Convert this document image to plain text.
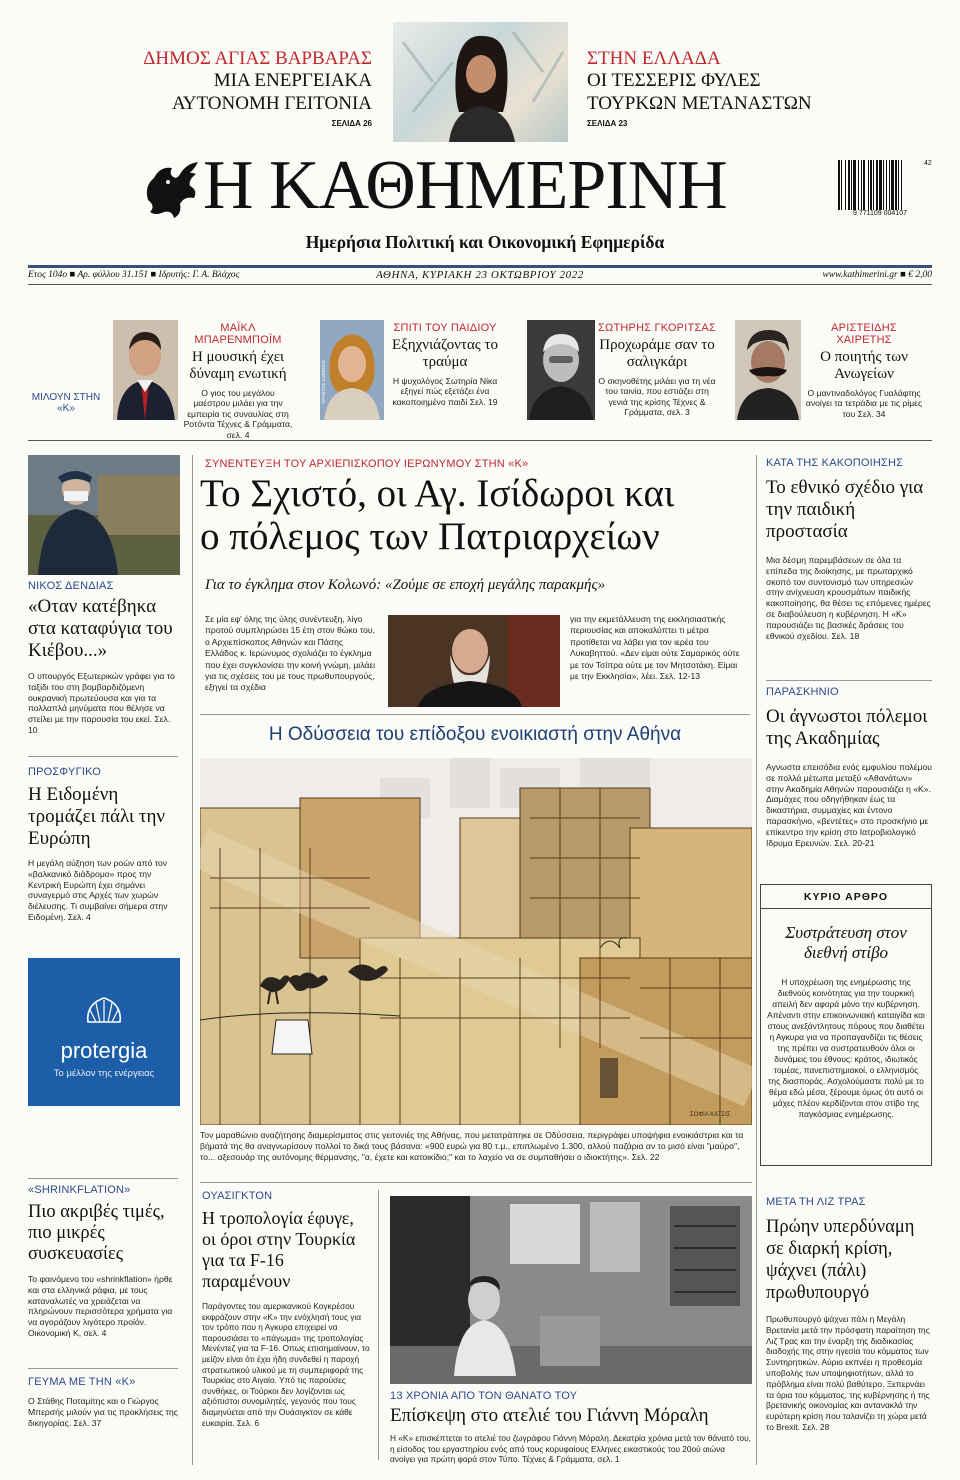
ΔΗΜΟΣ ΑΓΙΑΣ ΒΑΡΒΑΡΑΣ
ΜΙΑ ΕΝΕΡΓΕΙΑΚΑ
ΑΥΤΟΝΟΜΗ ΓΕΙΤΟΝΙΑ
ΣΕΛΙΔΑ 26
ΣΤΗΝ ΕΛΛΑΔΑ
ΟΙ ΤΕΣΣΕΡΙΣ ΦΥΛΕΣ
ΤΟΥΡΚΩΝ ΜΕΤΑΝΑΣΤΩΝ
ΣΕΛΙΔΑ 23
Η ΚΑΘΗΜΕΡΙΝΗ
Ημερήσια Πολιτική και Οικονομική Εφημερίδα
9 771109 004107
42
Ετος 104ο ■ Αρ. φύλλου 31.151 ■ Ιδρυτής: Γ. Α. Βλάχος	ΑΘΗΝΑ, ΚΥΡΙΑΚΗ 23 ΟΚΤΩΒΡΙΟΥ 2022	www.kathimerini.gr ■ € 2,00
ΜΙΛΟΥΝ ΣΤΗΝ «Κ»
ΜΑΪΚΛ ΜΠΑΡΕΝΜΠΟΪΜ
Η μουσική έχει δύναμη ενωτική
Ο γιος του μεγάλου μαέστρου μιλάει για την εμπειρία τις συναυλίας στη Ροτόντα Τέχνες & Γράμματα, σελ. 4
ΧΡΗΣΤΟΣ ΣΩΒΙΘΙΟΣ
ΣΠΙΤΙ ΤΟΥ ΠΑΙΔΙΟΥ
Εξηχνιάζοντας το τραύμα
Η ψυχολόγος Σωτηρία Νίκα εξηγεί πώς εξετάζει ένα κακοποιημένο παιδί Σελ. 19
ΣΩΤΗΡΗΣ ΓΚΟΡΙΤΣΑΣ
Προχωράμε σαν το σαλιγκάρι
Ο σκηνοθέτης μιλάει για τη νέα του ταινία, που εστιάζει στη γενιά της κρίσης Τέχνες & Γράμματα, σελ. 3
ΑΡΙΣΤΕΙΔΗΣ ΧΑΙΡΕΤΗΣ
Ο ποιητής των Ανωγείων
Ο μαντιναδολόγος Γυαλάφτης ανοίγει τα τετράδια με τις ρίμες του Σελ. 34
ΝΙΚΟΣ ΔΕΝΔΙΑΣ
«Οταν κατέβηκα στα καταφύγια του Κιέβου...»
Ο υπουργός Εξωτερικών γράφει για το ταξίδι του στη βομβαρδιζόμενη ουκρανική πρωτεύουσα και για τα πολλαπλά μηνύματα που θέλησε να στείλει με την παρουσία του εκεί. Σελ. 10
ΠΡΟΣΦΥΓΙΚΟ
Η Ειδομένη τρομάζει πάλι την Ευρώπη
Η μεγάλη αύξηση των ροών από τον «βαλκανικό διάδρομο» προς την Κεντρική Ευρώπη έχει σημάνει συναγερμό στις Αρχές των χωρών διέλευσης. Τι συμβαίνει σήμερα στην Ειδομένη. Σελ. 4
protergia
Το μέλλον της ενέργειας
«SHRINKFLATION»
Πιο ακριβές τιμές, πιο μικρές συσκευασίες
Το φαινόμενο του «shrinkflation» ήρθε και στα ελληνικά ράφια, με τους καταναλωτές να χρειάζεται να πληρώνουν περισσότερα χρήματα για να αγοράζουν λιγότερο προϊόν. Οικονομική Κ, σελ. 4
ΓΕΥΜΑ ΜΕ ΤΗΝ «Κ»
Ο Στάθης Ποταμίτης και ο Γιώργος Μπερσής μιλούν για τις προκλήσεις της δικηγορίας. Σελ. 37
ΣΥΝΕΝΤΕΥΞΗ ΤΟΥ ΑΡΧΙΕΠΙΣΚΟΠΟΥ ΙΕΡΩΝΥΜΟΥ ΣΤΗΝ «Κ»
Το Σχιστό, οι Αγ. Ισίδωροι και
ο πόλεμος των Πατριαρχείων
Για το έγκλημα στον Κολωνό: «Ζούμε σε εποχή μεγάλης παρακμής»
Σε μία εφ' όλης της ύλης συνέντευξη, λίγο προτού συμπληρώσει 15 έτη στον θώκο του, ο Αρχιεπίσκοπος Αθηνών και Πάσης Ελλάδος κ. Ιερώνυμος σχολιάζει το έγκλημα που έχει συγκλονίσει την κοινή γνώμη, μιλάει για τις σχέσεις του με τους πρωθυπουργούς, εξηγεί τα σχέδια
για την εκμετάλλευση της εκκλησιαστικής περιουσίας και αποκαλύπτει τι μέτρα προτίθεται να λάβει για τον ιερέα του Λυκαβηττού. «Δεν είμαι ούτε Σαμαρικός ούτε με τον Τσίπρα ούτε με τον Μητσοτάκη. Είμαι με την Εκκλησία», λέει. Σελ. 12-13
Η Οδύσσεια του επίδοξου ενοικιαστή στην Αθήνα
ΣΟΦΙΑ ΚΑΤΣΙΣ
Τον μαραθώνιο αναζήτησης διαμερίσματος στις γειτονιές της Αθήνας, που μετατράπηκε σε Οδύσσεια, περιγράφει υποψήφια ενοικιάστρια και τα βήματά της θα αναγνωρίσουν πολλοί το δικά τους βάσανα: «900 ευρώ για 80 τ.μ., επιπλωμένο 1.300, αλλού παζάρια αν το μισό είναι "μαύρο", το... αξεσουάρ της αυτόνομης θέρμανσης, "α, έχετε και κατοικίδιο;" και το λαχείο να σε συμπαθήσει ο ιδιοκτήτης». Σελ. 22
ΚΑΤΑ ΤΗΣ ΚΑΚΟΠΟΙΗΣΗΣ
Το εθνικό σχέδιο για την παιδική προστασία
Μια δέσμη παρεμβάσεων σε όλα τα επίπεδα της διοίκησης, με πρωταρχικό σκοπό τον συντονισμό των υπηρεσιών στην ανίχνευση κρουσμάτων παιδικής κακοποίησης, θα θέσει τις επόμενες ημέρες σε διαβούλευση η κυβέρνηση. Η «Κ» παρουσιάζει τις βασικές δράσεις του εθνικού σχεδίου. Σελ. 18
ΠΑΡΑΣΚΗΝΙΟ
Οι άγνωστοι πόλεμοι της Ακαδημίας
Αγνωστα επεισόδια ενός εμφυλίου πολέμου σε πολλά μέτωπα μεταξύ «Αθανάτων» στην Ακαδημία Αθηνών παρουσιάζει η «Κ». Διαμάχες που οδηγήθηκαν έως τα δικαστήρια, συμμαχίες και έντονο παρασκήνιο, «βεντέτες» στο προσκήνιο με επίκεντρο την κρίση στο Ιατροβιολογικό Ιδρυμα Ερευνών. Σελ. 20-21
ΚΥΡΙΟ ΑΡΘΡΟ
Συστράτευση στον διεθνή στίβο
Η υποχρέωση της ενημέρωσης της διεθνούς κοινότητας για την τουρκική απειλή δεν αφορά μόνο την κυβέρνηση. Απέναντι στην επικοινωνιακή καταιγίδα και στους ανεξάντλητους πόρους που διαθέτει η Αγκυρα για να προπαγανδίζει τις θέσεις της πρέπει να συστρατευθούν όλοι οι δυνάμεις του έθνους: κράτος, ιδιωτικός τομέας, πανεπιστημιακοί, ο ελληνισμός της διασποράς. Ασχολούμαστε πολύ με το θέμα εδώ μέσα, ξέρουμε όμως ότι αυτό οι μάχες πλέον κερδίζονται στον στίβο της παγκόσμιας ενημέρωσης.
ΜΕΤΑ ΤΗ ΛΙΖ ΤΡΑΣ
Πρώην υπερδύναμη σε διαρκή κρίση, ψάχνει (πάλι) πρωθυπουργό
Πρωθυπουργό ψάχνει πάλι η Μεγάλη Βρετανία μετά την πρόσφατη παραίτηση της Λιζ Τρας και την έναρξη της διαδικασίας διαδοχής της στην ηγεσία του κόμματος των Συντηρητικών. Αύριο εκπνέει η προθεσμία υποβολής των υποψηφιοτήτων, αλλά το πρόβλημα είναι πολύ βαθύτερο. Ξεπερνάει τα όρια του κόμματος, της κυβέρνησης ή της βρετανικής οικονομίας και αντανακλά την ευρύτερη κρίση που ταλανίζει τη χώρα μετά το Brexit. Σελ. 28
ΟΥΑΣΙΓΚΤΟΝ
Η τροπολογία έφυγε, οι όροι στην Τουρκία για τα F-16 παραμένουν
Παράγοντες του αμερικανικού Κογκρέσου εκφράζουν στην «Κ» την ενόχλησή τους για τον τρόπο που η Αγκυρα επιχειρεί να παρουσιάσει το «πάγωμα» της τροπολογίας Μενέντεζ για τα F-16. Οπως επισημαίνουν, το μείζον είναι ότι έχει ήδη συνδεθεί η παροχή στρατιωτικού υλικού με τη συμπεριφορά της Τουρκίας στο Αιγαίο. Υπό τις παρούσες συνθήκες, οι Τούρκοι δεν λογίζονται ως αξιόπιστοι συνομιλητές, γεγονός που τους διαμηνύεται από την Ουάσιγκτον σε κάθε ευκαιρία. Σελ. 6
13 ΧΡΟΝΙΑ ΑΠΟ ΤΟΝ ΘΑΝΑΤΟ ΤΟΥ
Επίσκεψη στο ατελιέ του Γιάννη Μόραλη
Η «Κ» επισκέπτεται το ατελιέ του ζωγράφου Γιάννη Μόραλη. Δεκατρία χρόνια μετά τον θάνατό του, η είσοδος του εργαστηρίου ενός από τους κορυφαίους Ελληνες εικαστικούς του 20ού αιώνα ανοίγει για πρώτη φορά στον Τύπο. Τέχνες & Γράμματα, σελ. 1
